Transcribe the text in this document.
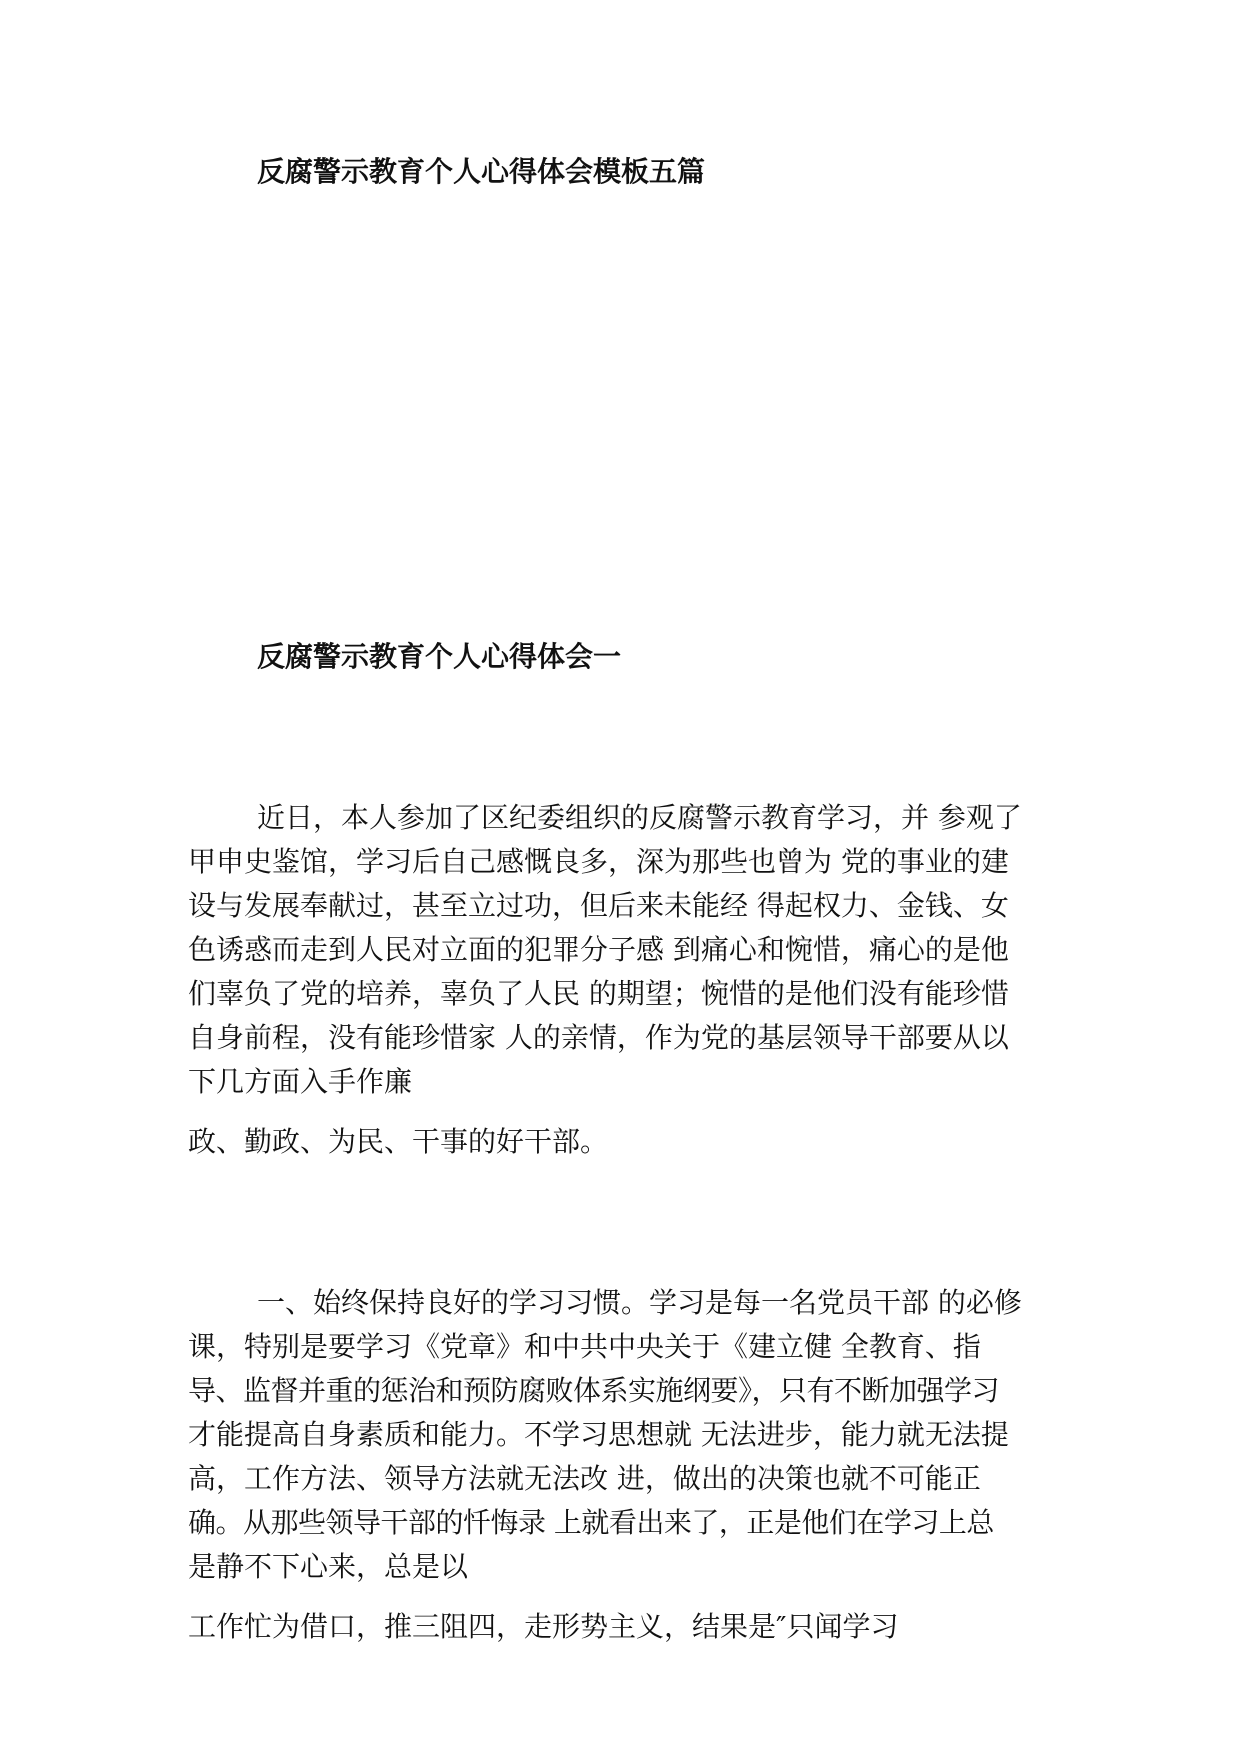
反腐警示教育个人心得体会模板五篇
反腐警示教育个人心得体会一

近日，本人参加了区纪委组织的反腐警示教育学习，并 参观了

甲申史鉴馆，学习后自己感慨良多，深为那些也曾为 党的事业的建

设与发展奉献过，甚至立过功，但后来未能经 得起权力、金钱、女

色诱惑而走到人民对立面的犯罪分子感 到痛心和惋惜，痛心的是他

们辜负了党的培养，辜负了人民 的期望；惋惜的是他们没有能珍惜

自身前程，没有能珍惜家 人的亲情，作为党的基层领导干部要从以

下几方面入手作廉

政、勤政、为民、干事的好干部。

一、始终保持良好的学习习惯。学习是每一名党员干部 的必修

课，特别是要学习《党章》和中共中央关于《建立健 全教育、指

导、监督并重的惩治和预防腐败体系实施纲要》，只有不断加强学习

才能提高自身素质和能力。不学习思想就 无法进步，能力就无法提

高，工作方法、领导方法就无法改 进，做出的决策也就不可能正

确。从那些领导干部的忏悔录 上就看出来了，正是他们在学习上总

是静不下心来，总是以

工作忙为借口，推三阻四，走形势主义，结果是″只闻学习
